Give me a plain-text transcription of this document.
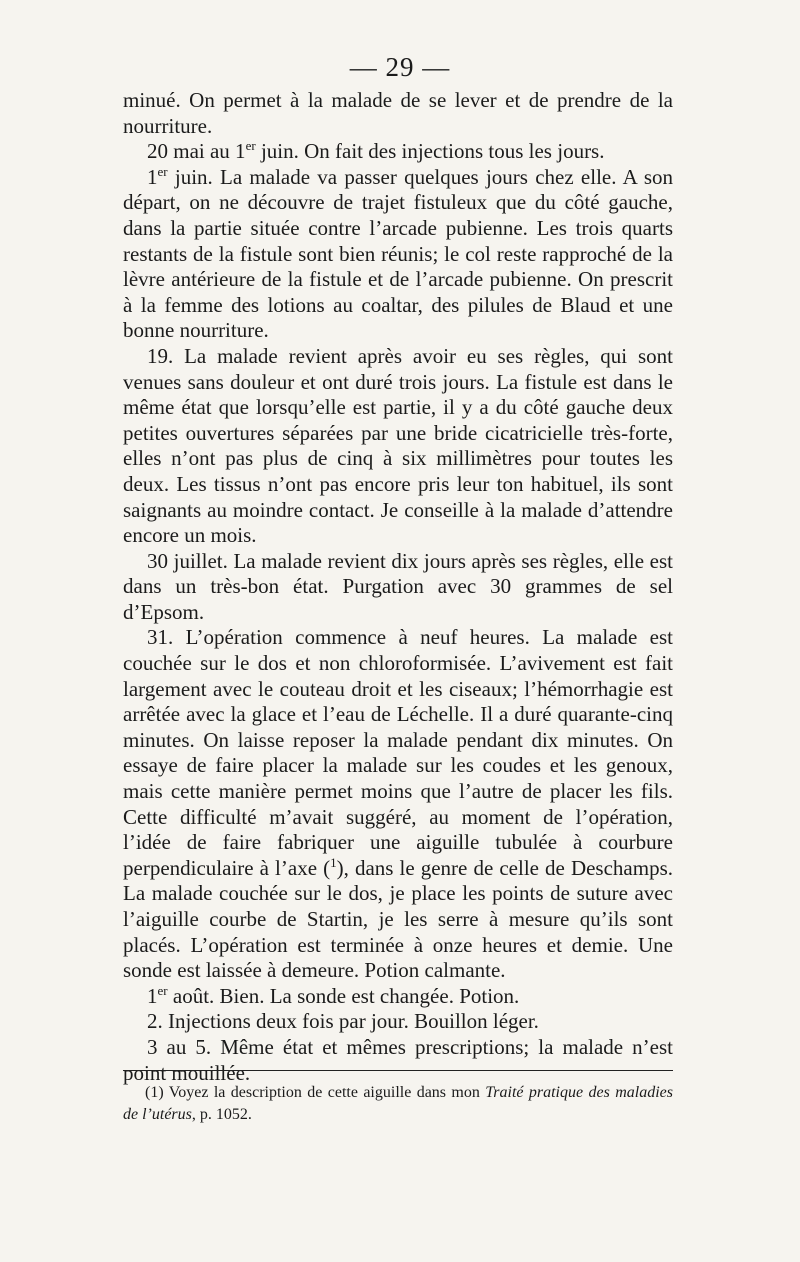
— 29 —

minué. On permet à la malade de se lever et de prendre de la nourriture.

20 mai au 1er juin. On fait des injections tous les jours.

1er juin. La malade va passer quelques jours chez elle. A son départ, on ne découvre de trajet fistuleux que du côté gauche, dans la partie située contre l’arcade pubienne. Les trois quarts restants de la fistule sont bien réunis; le col reste rapproché de la lèvre antérieure de la fistule et de l’arcade pubienne. On prescrit à la femme des lotions au coaltar, des pilules de Blaud et une bonne nourriture.

19. La malade revient après avoir eu ses règles, qui sont venues sans douleur et ont duré trois jours. La fistule est dans le même état que lorsqu’elle est partie, il y a du côté gauche deux petites ouvertures séparées par une bride cicatricielle très-forte, elles n’ont pas plus de cinq à six millimètres pour toutes les deux. Les tissus n’ont pas encore pris leur ton habituel, ils sont saignants au moindre contact. Je conseille à la malade d’attendre encore un mois.

30 juillet. La malade revient dix jours après ses règles, elle est dans un très-bon état. Purgation avec 30 grammes de sel d’Epsom.

31. L’opération commence à neuf heures. La malade est couchée sur le dos et non chloroformisée. L’avivement est fait largement avec le couteau droit et les ciseaux; l’hémorrhagie est arrêtée avec la glace et l’eau de Léchelle. Il a duré quarante-cinq minutes. On laisse reposer la malade pendant dix minutes. On essaye de faire placer la malade sur les coudes et les genoux, mais cette manière permet moins que l’autre de placer les fils. Cette difficulté m’avait suggéré, au moment de l’opération, l’idée de faire fabriquer une aiguille tubulée à courbure perpendiculaire à l’axe ($^1$), dans le genre de celle de Deschamps. La malade couchée sur le dos, je place les points de suture avec l’aiguille courbe de Startin, je les serre à mesure qu’ils sont placés. L’opération est terminée à onze heures et demie. Une sonde est laissée à demeure. Potion calmante.

1er août. Bien. La sonde est changée. Potion.

2. Injections deux fois par jour. Bouillon léger.

3 au 5. Même état et mêmes prescriptions; la malade n’est point mouillée.

(1) Voyez la description de cette aiguille dans mon Traité pratique des maladies de l’utérus, p. 1052.
